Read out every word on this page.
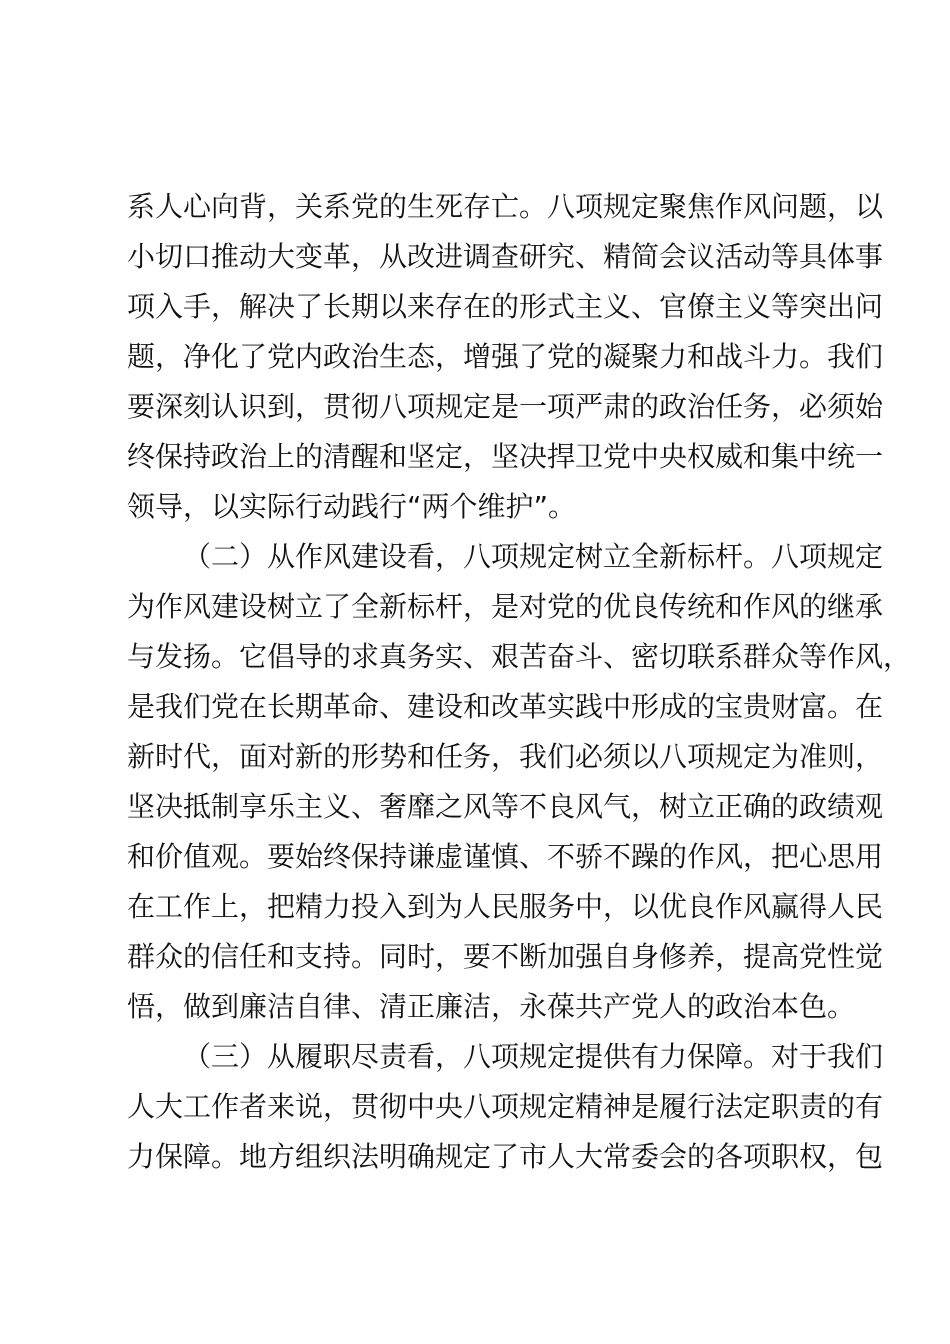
系人心向背，关系党的生死存亡。八项规定聚焦作风问题，以
小切口推动大变革，从改进调查研究、精简会议活动等具体事
项入手，解决了长期以来存在的形式主义、官僚主义等突出问
题，净化了党内政治生态，增强了党的凝聚力和战斗力。我们
要深刻认识到，贯彻八项规定是一项严肃的政治任务，必须始
终保持政治上的清醒和坚定，坚决捍卫党中央权威和集中统一
领导，以实际行动践行“两个维护”。
（二）从作风建设看，八项规定树立全新标杆。八项规定
为作风建设树立了全新标杆，是对党的优良传统和作风的继承
与发扬。它倡导的求真务实、艰苦奋斗、密切联系群众等作风，
是我们党在长期革命、建设和改革实践中形成的宝贵财富。在
新时代，面对新的形势和任务，我们必须以八项规定为准则，
坚决抵制享乐主义、奢靡之风等不良风气，树立正确的政绩观
和价值观。要始终保持谦虚谨慎、不骄不躁的作风，把心思用
在工作上，把精力投入到为人民服务中，以优良作风赢得人民
群众的信任和支持。同时，要不断加强自身修养，提高党性觉
悟，做到廉洁自律、清正廉洁，永葆共产党人的政治本色。
（三）从履职尽责看，八项规定提供有力保障。对于我们
人大工作者来说，贯彻中央八项规定精神是履行法定职责的有
力保障。地方组织法明确规定了市人大常委会的各项职权，包
